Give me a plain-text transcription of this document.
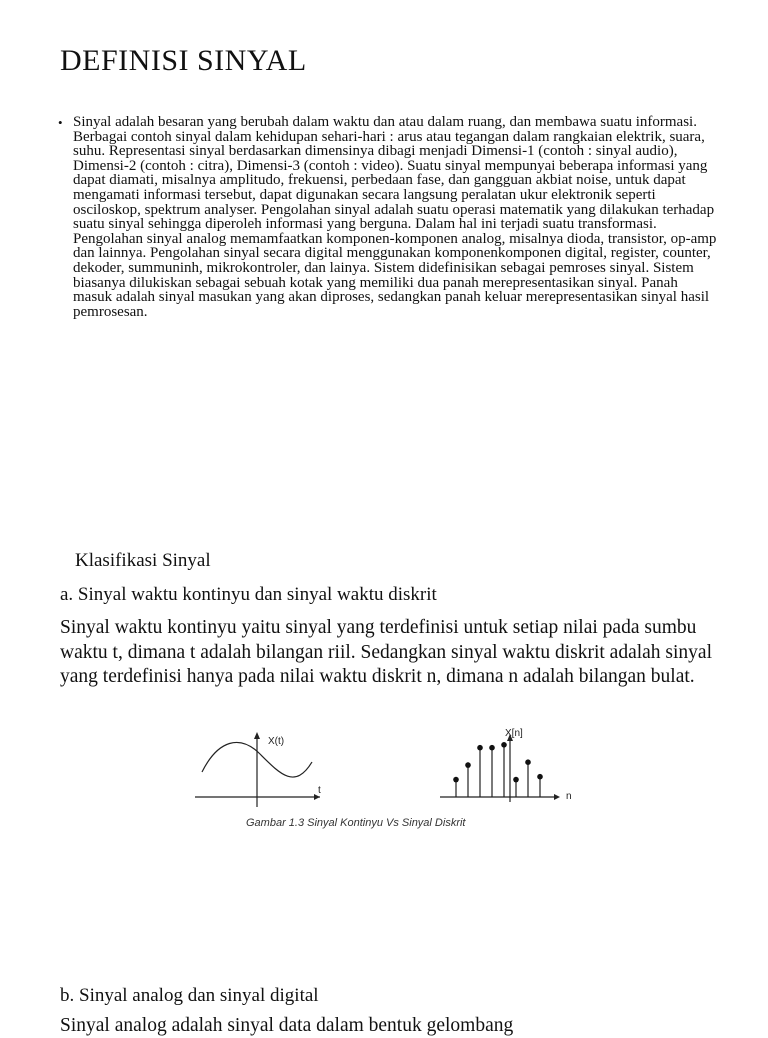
DEFINISI SINYAL
• Sinyal adalah besaran yang berubah dalam waktu dan atau dalam ruang, dan membawa suatu informasi. Berbagai contoh sinyal dalam kehidupan sehari-hari : arus atau tegangan dalam rangkaian elektrik, suara, suhu. Representasi sinyal berdasarkan dimensinya dibagi menjadi Dimensi-1 (contoh : sinyal audio), Dimensi-2 (contoh : citra), Dimensi-3 (contoh : video). Suatu sinyal mempunyai beberapa informasi yang dapat diamati, misalnya amplitudo, frekuensi, perbedaan fase, dan gangguan akbiat noise, untuk dapat mengamati informasi tersebut, dapat digunakan secara langsung peralatan ukur elektronik seperti osciloskop, spektrum analyser. Pengolahan sinyal adalah suatu operasi matematik yang dilakukan terhadap suatu sinyal sehingga diperoleh informasi yang berguna. Dalam hal ini terjadi suatu transformasi. Pengolahan sinyal analog memamfaatkan komponen-komponen analog, misalnya dioda, transistor, op-amp dan lainnya. Pengolahan sinyal secara digital menggunakan komponenkomponen digital, register, counter, dekoder, summuninh, mikrokontroler, dan lainya. Sistem didefinisikan sebagai pemroses sinyal. Sistem biasanya dilukiskan sebagai sebuah kotak yang memiliki dua panah merepresentasikan sinyal. Panah masuk adalah sinyal masukan yang akan diproses, sedangkan panah keluar merepresentasikan sinyal hasil pemrosesan.
Klasifikasi Sinyal
a. Sinyal waktu kontinyu dan sinyal waktu diskrit
Sinyal waktu kontinyu yaitu sinyal yang terdefinisi untuk setiap nilai pada sumbu waktu t, dimana t adalah bilangan riil. Sedangkan sinyal waktu diskrit adalah sinyal yang terdefinisi hanya pada nilai waktu diskrit n, dimana n adalah bilangan bulat.
X(t)
t
X[n]
n
Gambar 1.3 Sinyal Kontinyu Vs Sinyal Diskrit
b. Sinyal analog dan sinyal digital
Sinyal analog adalah sinyal data dalam bentuk gelombang
